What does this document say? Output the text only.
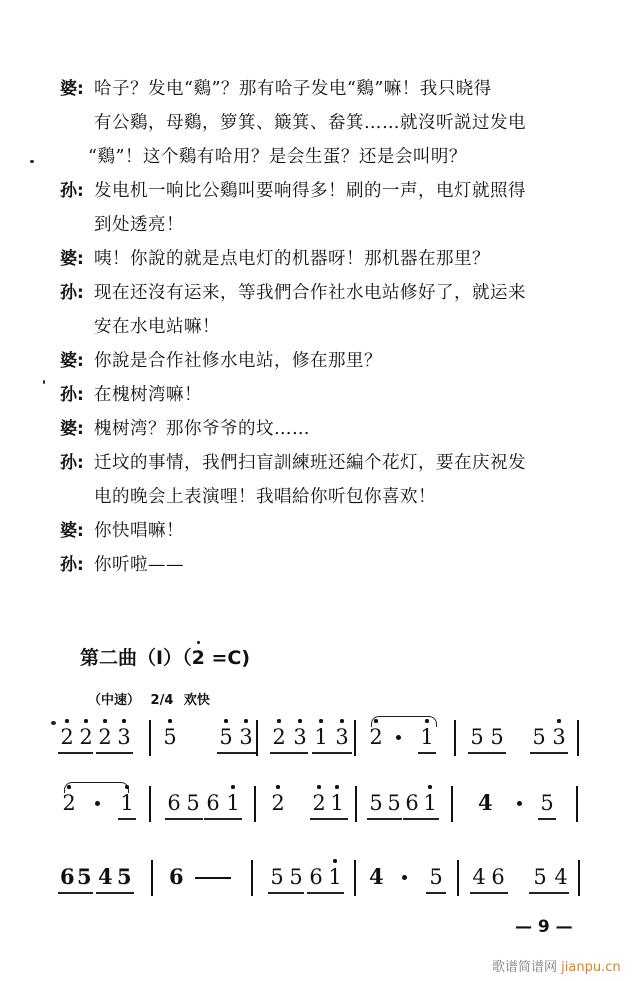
婆: 哈子？发电“鷄”？那有哈子发电“鷄”嘛！我只晓得
有公鷄，母鷄，箩箕、簸箕、畚箕……就沒听説过发电
“鷄”！这个鷄有哈用？是会生蛋？还是会叫明？
孙: 发电机一响比公鷄叫要响得多！刷的一声，电灯就照得
到处透亮！
婆: 咦！你說的就是点电灯的机器呀！那机器在那里？
孙: 现在还沒有运来，等我們合作社水电站修好了，就运来
安在水电站嘛！
婆: 你說是合作社修水电站，修在那里？
孙: 在槐树湾嘛！
婆: 槐树湾？那你爷爷的坟……
孙: 迁坟的事情，我們扫盲訓練班还編个花灯，要在庆祝发
电的晚会上表演哩！我唱給你听包你喜欢！
婆: 你快唱嘛！
孙: 你听啦——
第二曲（Ⅰ）（
2 =C)
（中速） 2/4 欢快
2 2 2 3 5 5 3 2 3 1 3 2 1 5 5 5 3
2 1 6 5 6 1 2 2 1 5 5 6 1 4 5
6 5 4 5 6	5 5 6 1 4 5 4 6 5 4
— 9 —
歌谱简谱网 jianpu.cn
